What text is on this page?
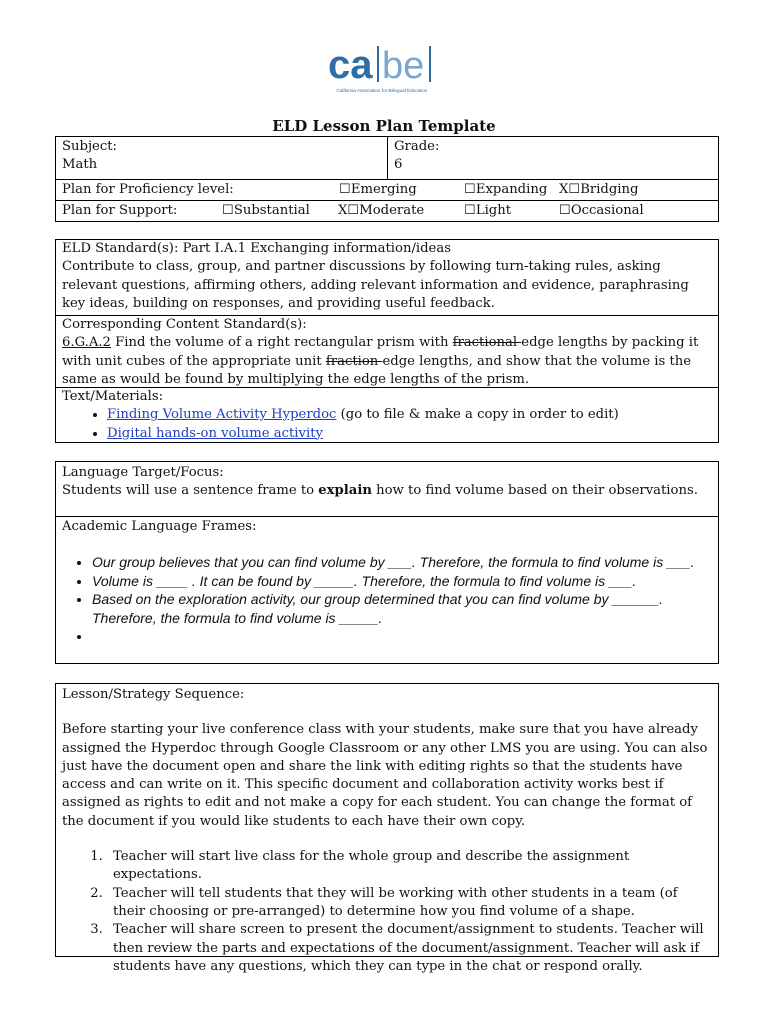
ca be
California Association for Bilingual Education
ELD Lesson Plan Template
Subject:
Math
Grade:
6
Plan for Proficiency level:	☐Emerging	☐Expanding X☐Bridging
Plan for Support:	☐Substantial X☐Moderate	☐Light	☐Occasional
ELD Standard(s): Part I.A.1 Exchanging information/ideas
Contribute to class, group, and partner discussions by following turn-taking rules, asking relevant questions, affirming others, adding relevant information and evidence, paraphrasing key ideas, building on responses, and providing useful feedback.
Corresponding Content Standard(s):
6.G.A.2 Find the volume of a right rectangular prism with fractional edge lengths by packing it with unit cubes of the appropriate unit fraction edge lengths, and show that the volume is the same as would be found by multiplying the edge lengths of the prism.
Text/Materials:
• Finding Volume Activity Hyperdoc (go to file & make a copy in order to edit)
• Digital hands-on volume activity
Language Target/Focus:
Students will use a sentence frame to explain how to find volume based on their observations.
Academic Language Frames:
• Our group believes that you can find volume by ___. Therefore, the formula to find volume is ___.
• Volume is ____ . It can be found by _____. Therefore, the formula to find volume is ___.
• Based on the exploration activity, our group determined that you can find volume by ______. Therefore, the formula to find volume is _____.
•
Lesson/Strategy Sequence:
Before starting your live conference class with your students, make sure that you have already assigned the Hyperdoc through Google Classroom or any other LMS you are using. You can also just have the document open and share the link with editing rights so that the students have access and can write on it. This specific document and collaboration activity works best if assigned as rights to edit and not make a copy for each student. You can change the format of the document if you would like students to each have their own copy.
1. Teacher will start live class for the whole group and describe the assignment expectations.
2. Teacher will tell students that they will be working with other students in a team (of their choosing or pre-arranged) to determine how you find volume of a shape.
3. Teacher will share screen to present the document/assignment to students. Teacher will then review the parts and expectations of the document/assignment. Teacher will ask if students have any questions, which they can type in the chat or respond orally.
